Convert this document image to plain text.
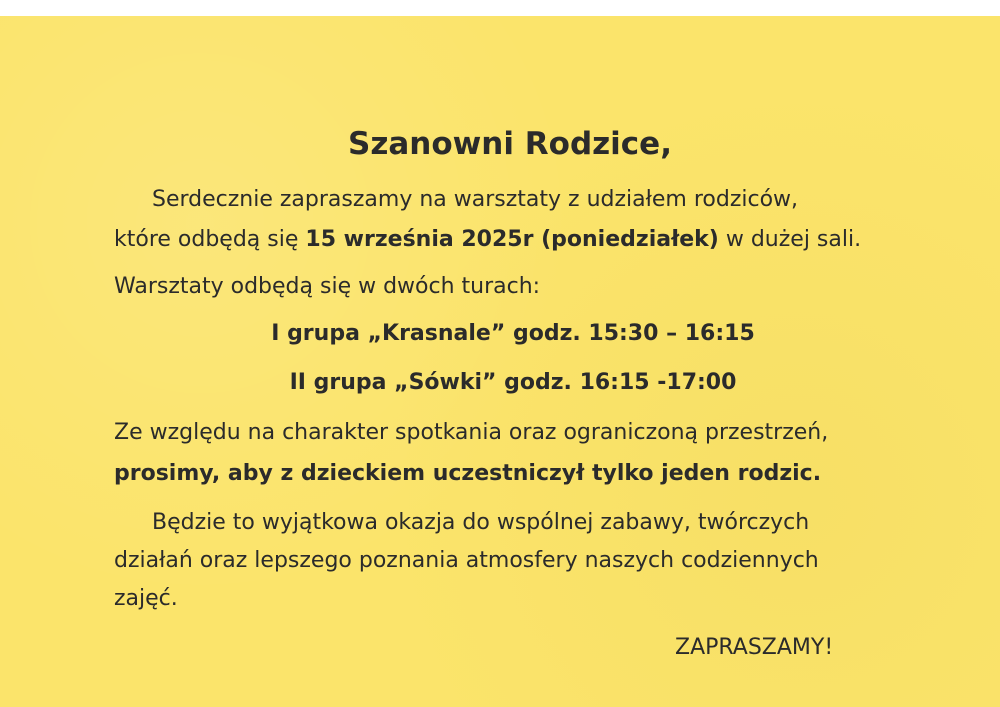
Szanowni Rodzice,
Serdecznie zapraszamy na warsztaty z udziałem rodziców,
które odbędą się 15 września 2025r (poniedziałek) w dużej sali.
Warsztaty odbędą się w dwóch turach:
I grupa „Krasnale” godz. 15:30 – 16:15
II grupa „Sówki” godz. 16:15 -17:00
Ze względu na charakter spotkania oraz ograniczoną przestrzeń,
prosimy, aby z dzieckiem uczestniczył tylko jeden rodzic.
Będzie to wyjątkowa okazja do wspólnej zabawy, twórczych
działań oraz lepszego poznania atmosfery naszych codziennych
zajęć.
ZAPRASZAMY!
